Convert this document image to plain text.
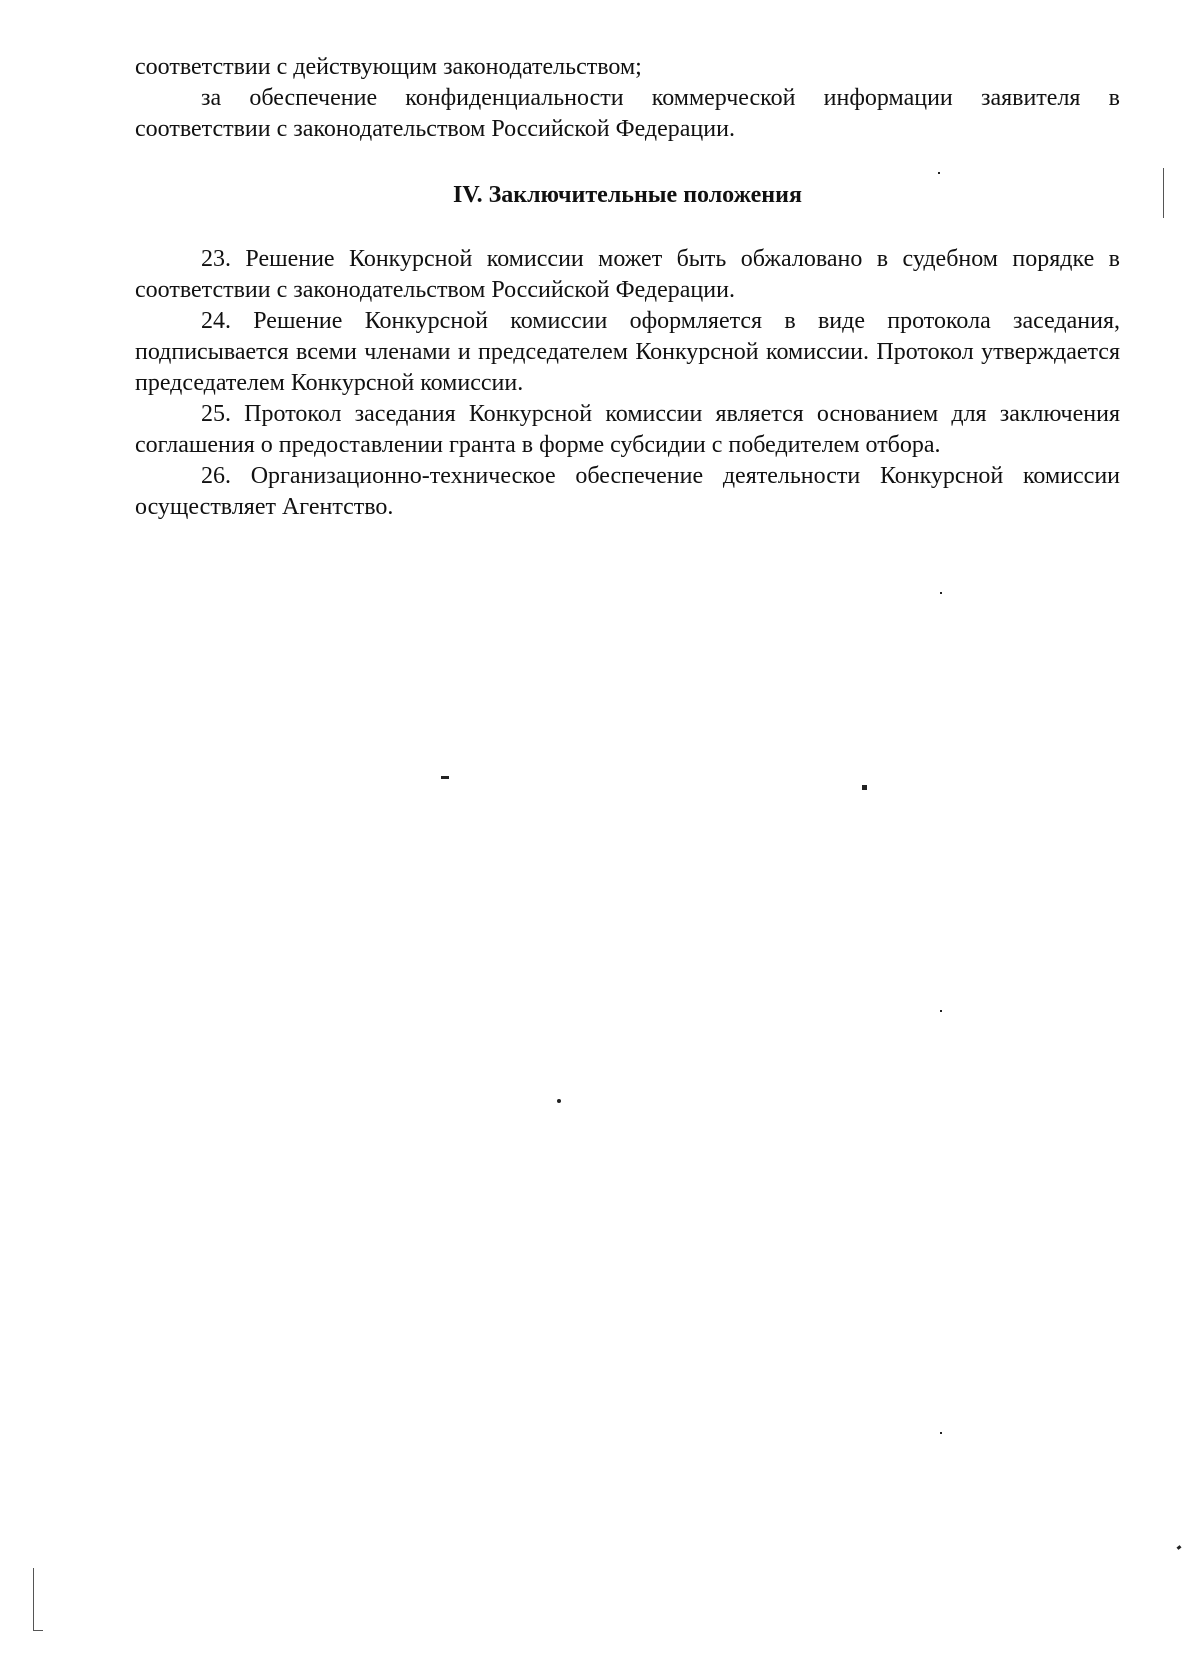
соответствии с действующим законодательством;

за обеспечение конфиденциальности коммерческой информации заявителя в соответствии с законодательством Российской Федерации.

IV. Заключительные положения

23. Решение Конкурсной комиссии может быть обжаловано в судебном порядке в соответствии с законодательством Российской Федерации.

24. Решение Конкурсной комиссии оформляется в виде протокола заседания, подписывается всеми членами и председателем Конкурсной комиссии. Протокол утверждается председателем Конкурсной комиссии.

25. Протокол заседания Конкурсной комиссии является основанием для заключения соглашения о предоставлении гранта в форме субсидии с победителем отбора.

26. Организационно-техническое обеспечение деятельности Конкурсной комиссии осуществляет Агентство.
